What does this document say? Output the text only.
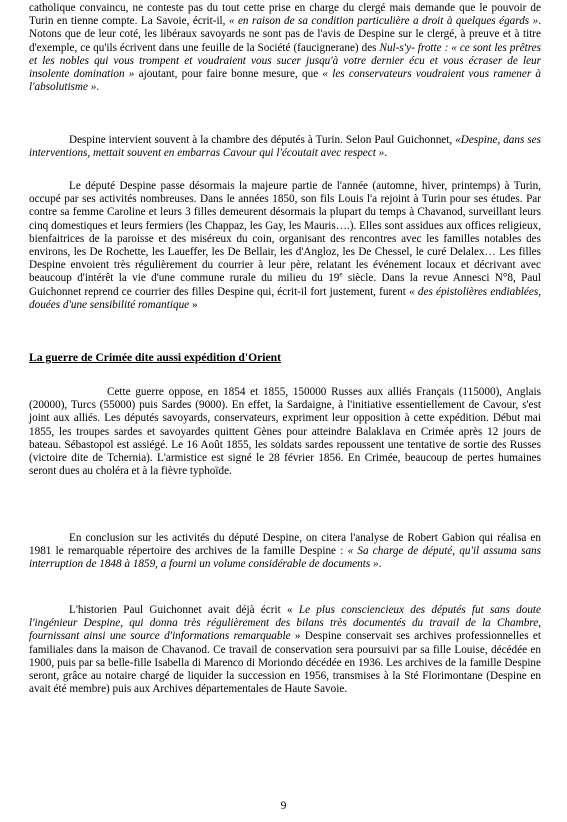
catholique convaincu, ne conteste pas du tout cette prise en charge du clergé mais demande que le pouvoir de Turin en tienne compte. La Savoie, écrit-il, « en raison de sa condition particulière a droit à quelques égards ». Notons que de leur coté, les libéraux savoyards ne sont pas de l'avis de Despine sur le clergé, à preuve et à titre d'exemple, ce qu'ils écrivent dans une feuille de la Société (faucignerane) des Nul-s'y- frotte : « ce sont les prêtres et les nobles qui vous trompent et voudraient vous sucer jusqu'à votre dernier écu et vous écraser de leur insolente domination » ajoutant, pour faire bonne mesure, que « les conservateurs voudraient vous ramener à l'absolutisme ».

Despine intervient souvent à la chambre des députés à Turin. Selon Paul Guichonnet, «Despine, dans ses interventions, mettait souvent en embarras Cavour qui l'écoutait avec respect ».

Le député Despine passe désormais la majeure partie de l'année (automne, hiver, printemps) à Turin, occupé par ses activités nombreuses. Dans le années 1850, son fils Louis l'a rejoint à Turin pour ses études. Par contre sa femme Caroline et leurs 3 filles demeurent désormais la plupart du temps à Chavanod, surveillant leurs cinq domestiques et leurs fermiers (les Chappaz, les Gay, les Mauris….). Elles sont assidues aux offices religieux, bienfaitrices de la paroisse et des miséreux du coin, organisant des rencontres avec les familles notables des environs, les De Rochette, les Laueffer, les De Bellair, les d'Angloz, les De Chessel, le curé Delalex… Les filles Despine envoient très régulièrement du courrier à leur père, relatant les événement locaux et décrivant avec beaucoup d'intérêt la vie d'une commune rurale du milieu du 19e siècle. Dans la revue Annesci N°8, Paul Guichonnet reprend ce courrier des filles Despine qui, écrit-il fort justement, furent « des épistolières endiablées, douées d'une sensibilité romantique »

La guerre de Crimée dite aussi expédition d'Orient

Cette guerre oppose, en 1854 et 1855, 150000 Russes aux alliés Français (115000), Anglais (20000), Turcs (55000) puis Sardes (9000). En effet, la Sardaigne, à l'initiative essentiellement de Cavour, s'est joint aux alliés. Les députés savoyards, conservateurs, expriment leur opposition à cette expédition. Début mai 1855, les troupes sardes et savoyardes quittent Gènes pour atteindre Balaklava en Crimée après 12 jours de bateau. Sébastopol est assiégé. Le 16 Août 1855, les soldats sardes repoussent une tentative de sortie des Russes (victoire dite de Tchernia). L'armistice est signé le 28 février 1856. En Crimée, beaucoup de pertes humaines seront dues au choléra et à la fièvre typhoïde.

En conclusion sur les activités du député Despine, on citera l'analyse de Robert Gabion qui réalisa en 1981 le remarquable répertoire des archives de la famille Despine : « Sa charge de député, qu'il assuma sans interruption de 1848 à 1859, a fourni un volume considérable de documents ».

L'historien Paul Guichonnet avait déjà écrit « Le plus consciencieux des députés fut sans doute l'ingénieur Despine, qui donna très régulièrement des bilans très documentés du travail de la Chambre, fournissant ainsi une source d'informations remarquable » Despine conservait ses archives professionnelles et familiales dans la maison de Chavanod. Ce travail de conservation sera poursuivi par sa fille Louise, décédée en 1900, puis par sa belle-fille Isabella di Marenco di Moriondo décédée en 1936. Les archives de la famille Despine seront, grâce au notaire chargé de liquider la succession en 1956, transmises à la Sté Florimontane (Despine en avait été membre) puis aux Archives départementales de Haute Savoie.

9
